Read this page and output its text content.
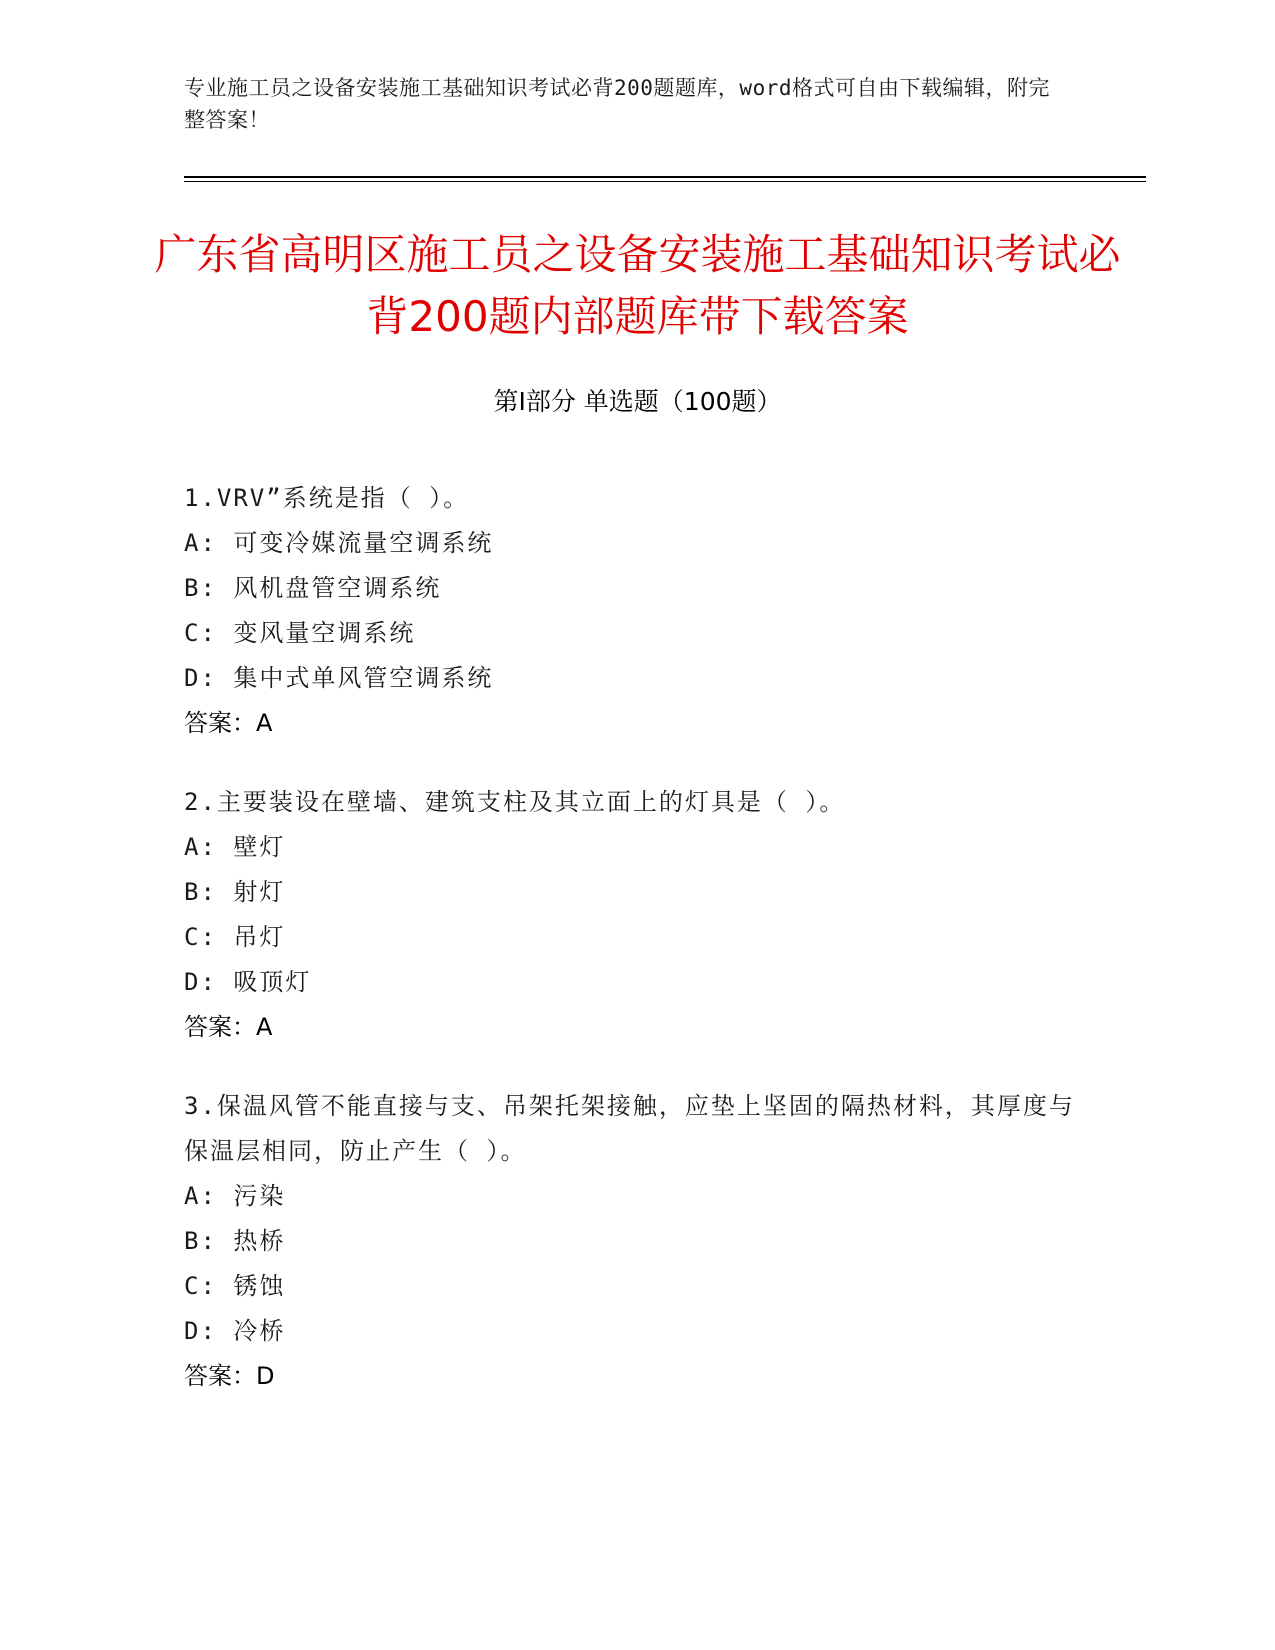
专业施工员之设备安装施工基础知识考试必背200题题库，word格式可自由下载编辑，附完整答案！
广东省高明区施工员之设备安装施工基础知识考试必背200题内部题库带下载答案
第Ⅰ部分 单选题（100题）
1.VRV”系统是指（ ）。
A: 可变冷媒流量空调系统
B: 风机盘管空调系统
C: 变风量空调系统
D: 集中式单风管空调系统
答案：A
2.主要装设在壁墙、建筑支柱及其立面上的灯具是（ ）。
A: 壁灯
B: 射灯
C: 吊灯
D: 吸顶灯
答案：A
3.保温风管不能直接与支、吊架托架接触，应垫上坚固的隔热材料，其厚度与保温层相同，防止产生（ ）。
A: 污染
B: 热桥
C: 锈蚀
D: 冷桥
答案：D
